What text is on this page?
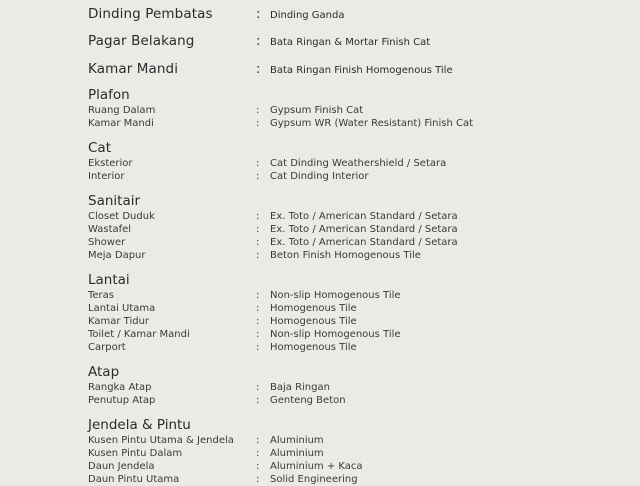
Dinding Pembatas	: Dinding Ganda
Pagar Belakang	: Bata Ringan & Mortar Finish Cat
Kamar Mandi	: Bata Ringan Finish Homogenous Tile
Plafon
Ruang Dalam	:	Gypsum Finish Cat
Kamar Mandi	:	Gypsum WR (Water Resistant) Finish Cat
Cat
Eksterior	:	Cat Dinding Weathershield / Setara
Interior	:	Cat Dinding Interior
Sanitair
Closet Duduk	:	Ex. Toto / American Standard / Setara
Wastafel	:	Ex. Toto / American Standard / Setara
Shower	:	Ex. Toto / American Standard / Setara
Meja Dapur	:	Beton Finish Homogenous Tile
Lantai
Teras	:	Non-slip Homogenous Tile
Lantai Utama	:	Homogenous Tile
Kamar Tidur	:	Homogenous Tile
Toilet / Kamar Mandi	:	Non-slip Homogenous Tile
Carport	:	Homogenous Tile
Atap
Rangka Atap	:	Baja Ringan
Penutup Atap	:	Genteng Beton
Jendela & Pintu
Kusen Pintu Utama & Jendela	:	Aluminium
Kusen Pintu Dalam	:	Aluminium
Daun Jendela	:	Aluminium + Kaca
Daun Pintu Utama	:	Solid Engineering
